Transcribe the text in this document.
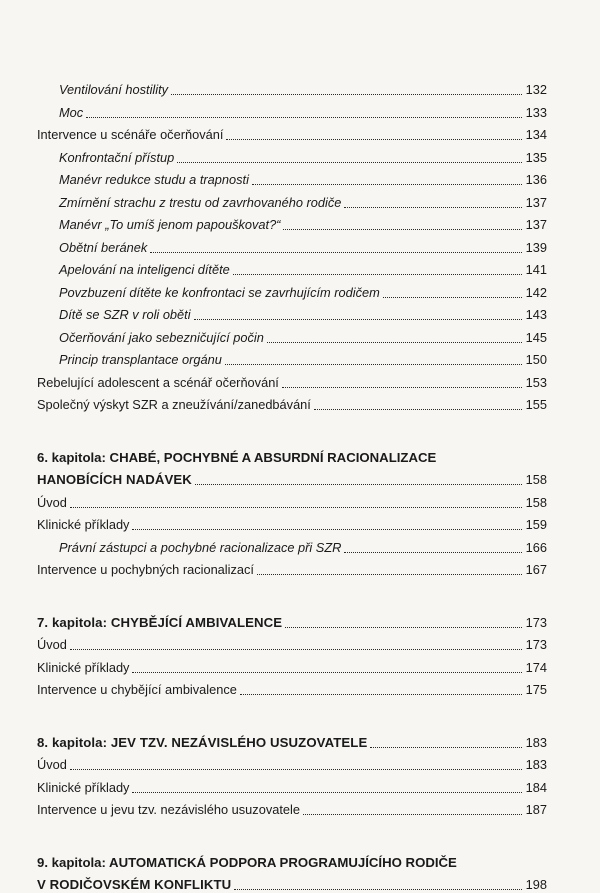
Ventilování hostility	132
Moc	133
Intervence u scénáře očerňování	134
Konfrontační přístup	135
Manévr redukce studu a trapnosti	136
Zmírnění strachu z trestu od zavrhovaného rodiče	137
Manévr „To umíš jenom papouškovat?“	137
Obětní beránek	139
Apelování na inteligenci dítěte	141
Povzbuzení dítěte ke konfrontaci se zavrhujícím rodičem	142
Dítě se SZR v roli oběti	143
Očerňování jako sebezničující počin	145
Princip transplantace orgánu	150
Rebelující adolescent a scénář očerňování	153
Společný výskyt SZR a zneužívání/zanedbávání	155
6. kapitola: CHABÉ, POCHYBNÉ A ABSURDNÍ RACIONALIZACE
HANOBÍCÍCH NADÁVEK	158
Úvod	158
Klinické příklady	159
Právní zástupci a pochybné racionalizace při SZR	166
Intervence u pochybných racionalizací	167
7. kapitola: CHYBĚJÍCÍ AMBIVALENCE	173
Úvod	173
Klinické příklady	174
Intervence u chybějící ambivalence	175
8. kapitola: JEV TZV. NEZÁVISLÉHO USUZOVATELE	183
Úvod	183
Klinické příklady	184
Intervence u jevu tzv. nezávislého usuzovatele	187
9. kapitola: AUTOMATICKÁ PODPORA PROGRAMUJÍCÍHO RODIČE
V RODIČOVSKÉM KONFLIKTU	198
